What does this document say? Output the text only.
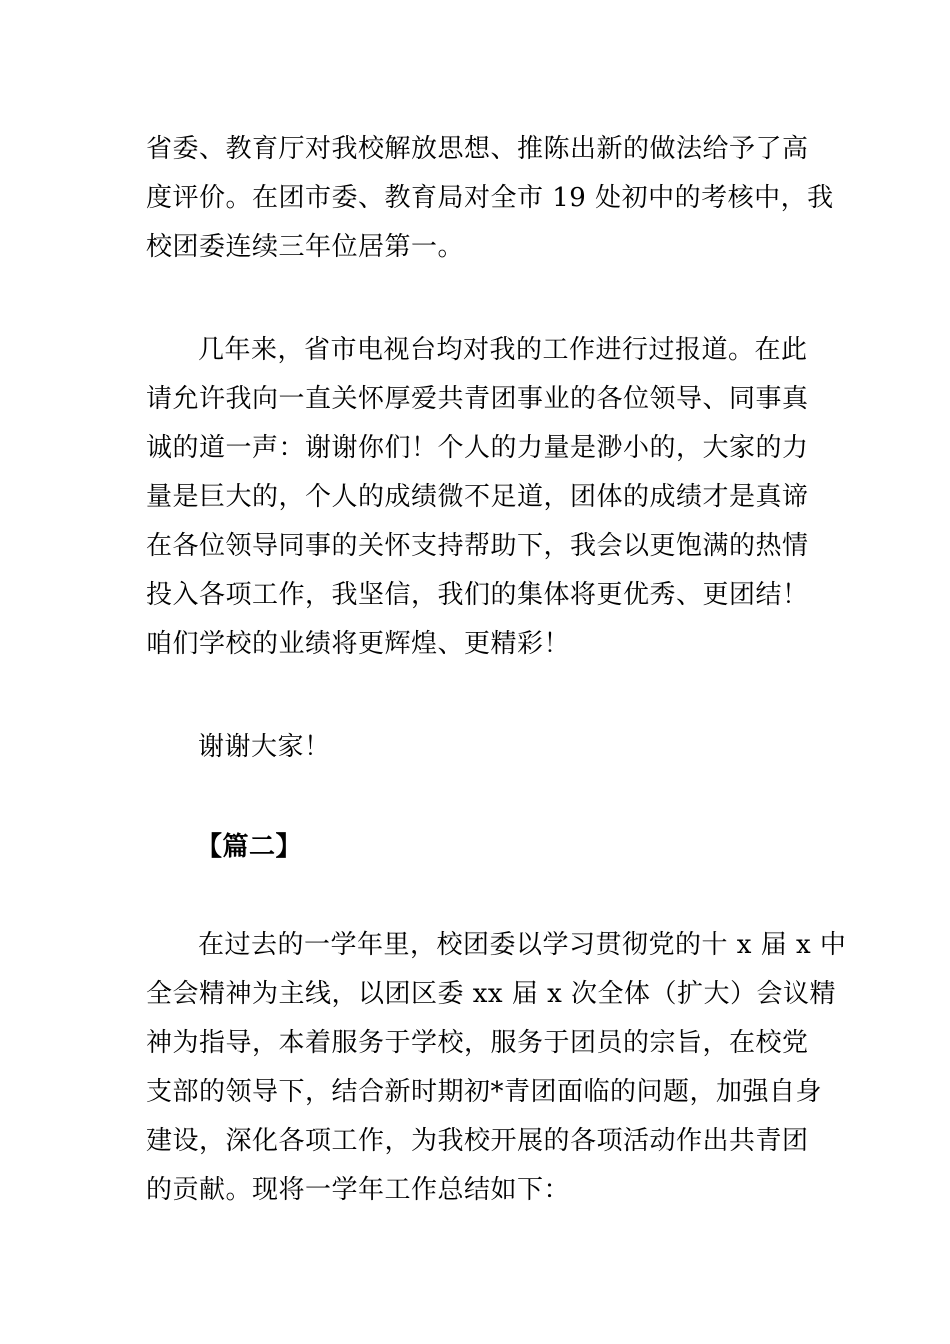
省委、教育厅对我校解放思想、推陈出新的做法给予了高
度评价。在团市委、教育局对全市 19 处初中的考核中，我
校团委连续三年位居第一。
几年来，省市电视台均对我的工作进行过报道。在此
请允许我向一直关怀厚爱共青团事业的各位领导、同事真
诚的道一声：谢谢你们！个人的力量是渺小的，大家的力
量是巨大的，个人的成绩微不足道，团体的成绩才是真谛
在各位领导同事的关怀支持帮助下，我会以更饱满的热情
投入各项工作，我坚信，我们的集体将更优秀、更团结！
咱们学校的业绩将更辉煌、更精彩！
谢谢大家！
【篇二】
在过去的一学年里，校团委以学习贯彻党的十 x 届 x 中
全会精神为主线，以团区委 xx 届 x 次全体（扩大）会议精
神为指导，本着服务于学校，服务于团员的宗旨，在校党
支部的领导下，结合新时期初*青团面临的问题，加强自身
建设，深化各项工作，为我校开展的各项活动作出共青团
的贡献。现将一学年工作总结如下：
